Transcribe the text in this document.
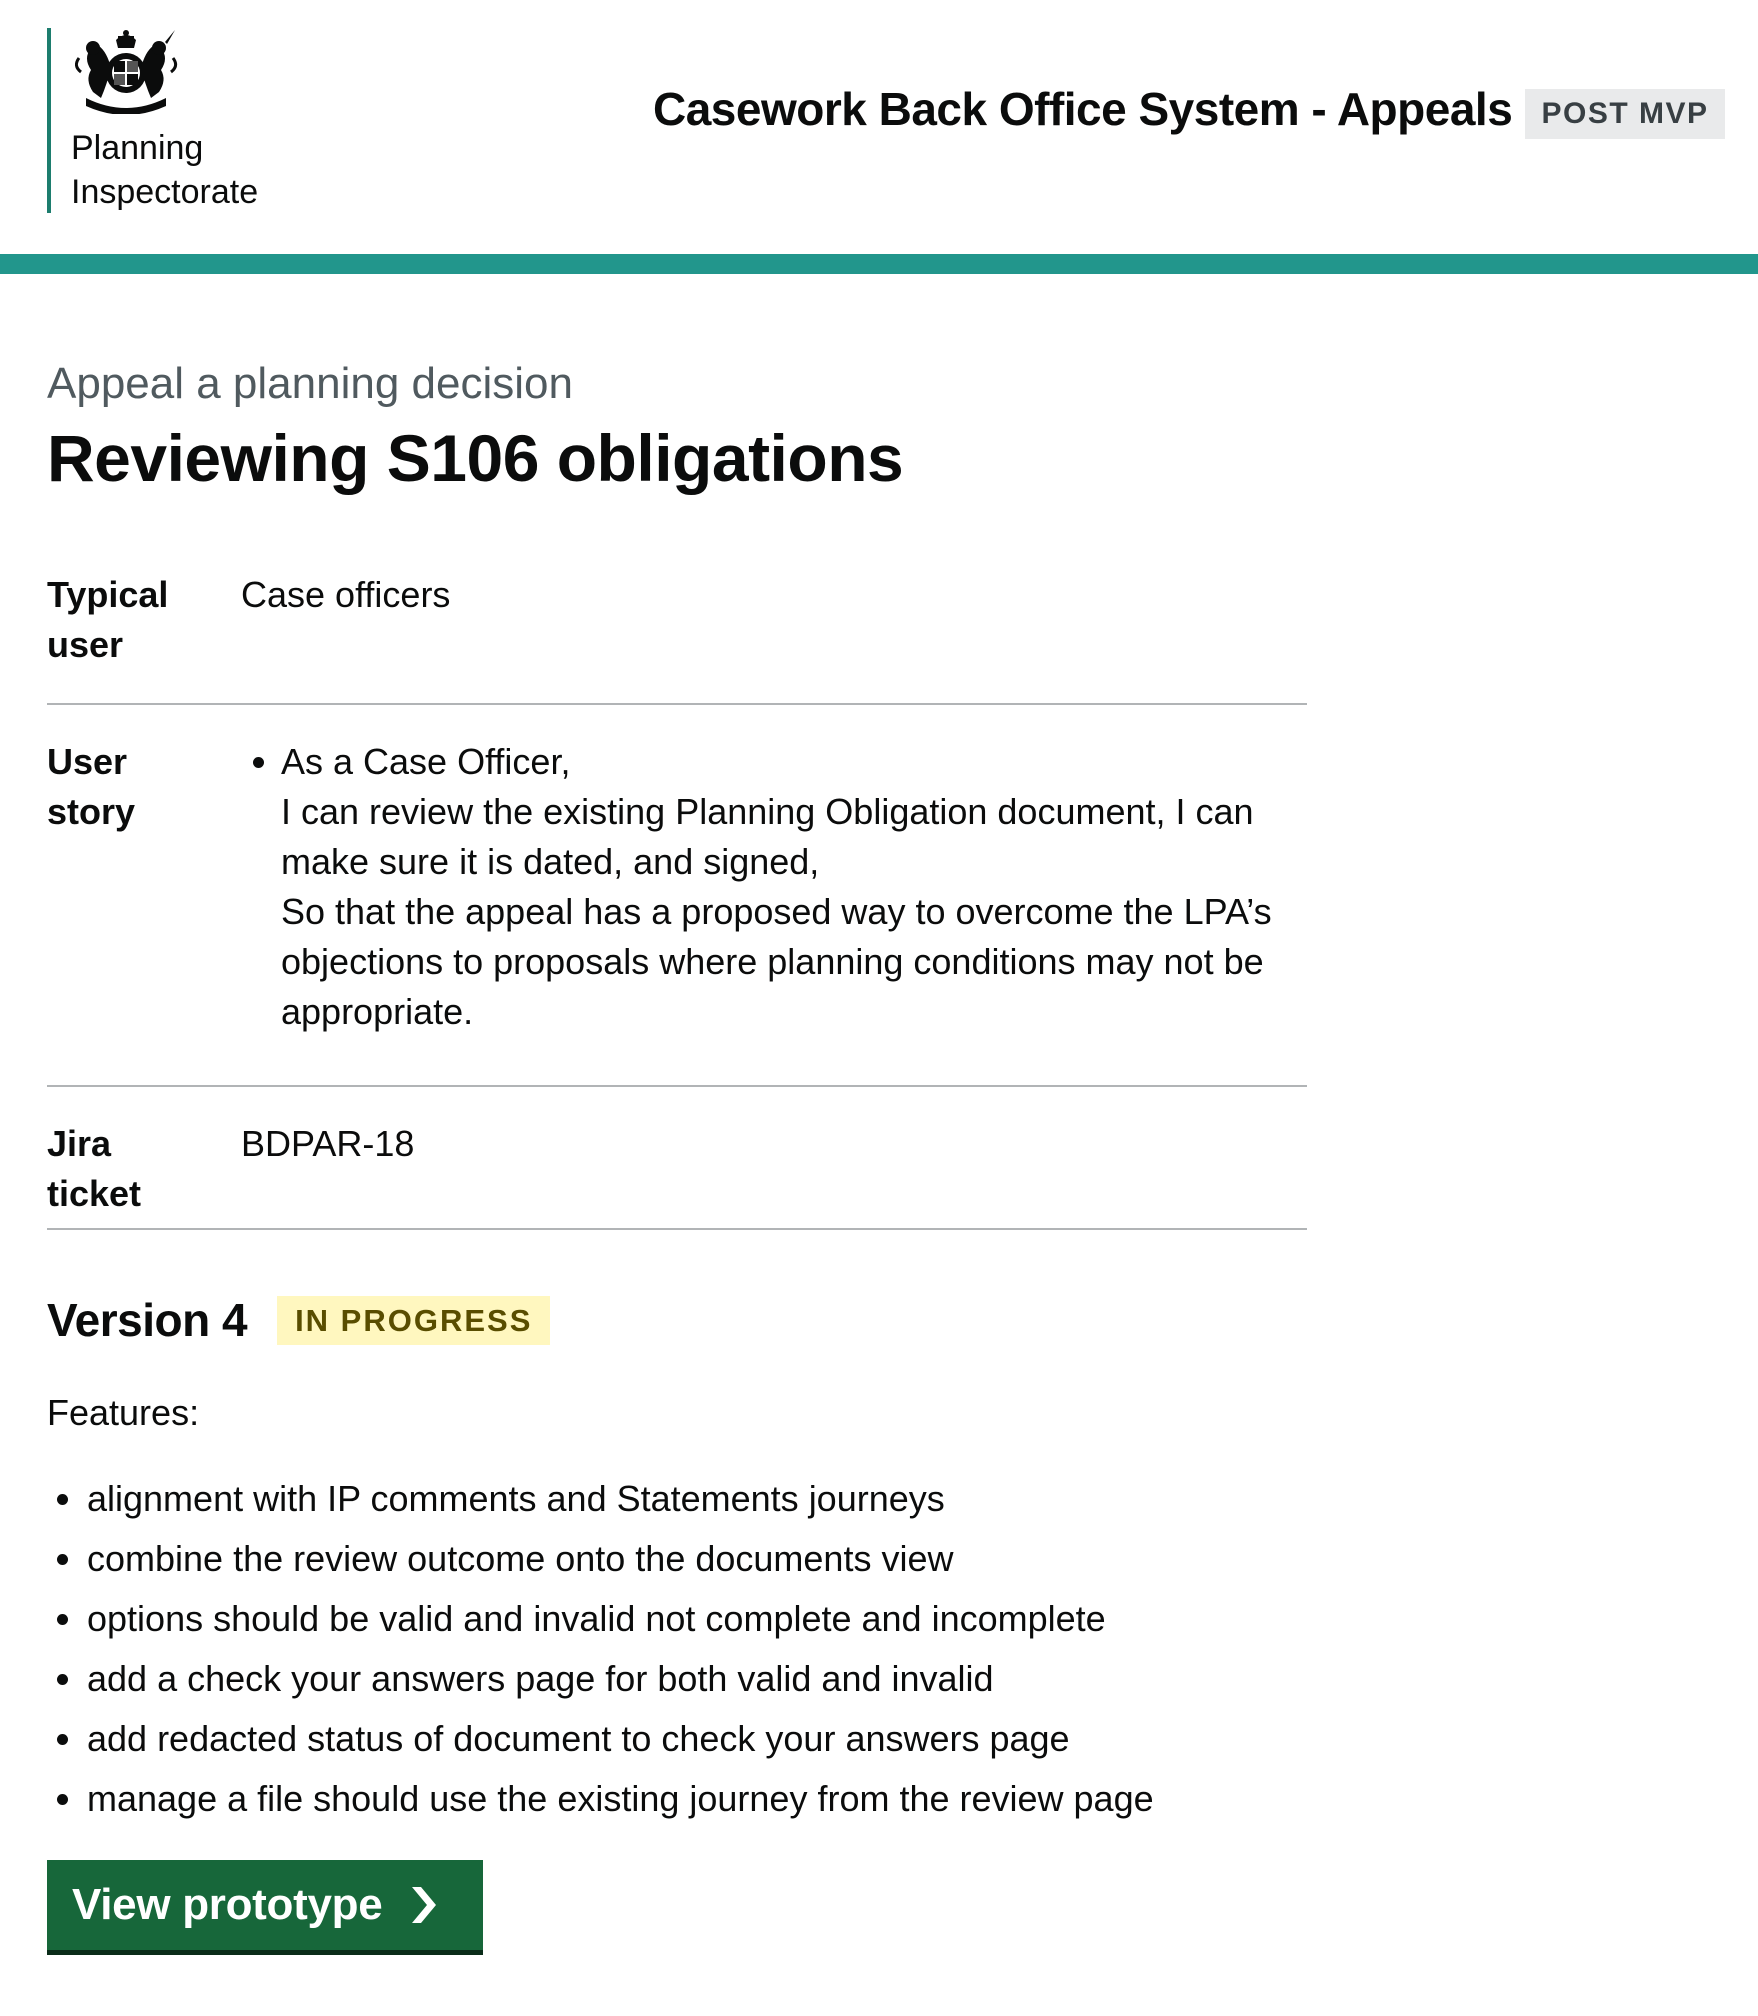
Planning
Inspectorate
Casework Back Office System - Appeals POST MVP
Appeal a planning decision
Reviewing S106 obligations
Typical
user
Case officers
User
story
As a Case Officer,
I can review the existing Planning Obligation document, I can make sure it is dated, and signed,
So that the appeal has a proposed way to overcome the LPA’s objections to proposals where planning conditions may not be appropriate.
Jira
ticket
BDPAR-18
Version 4	IN PROGRESS

Features:

alignment with IP comments and Statements journeys
combine the review outcome onto the documents view
options should be valid and invalid not complete and incomplete
add a check your answers page for both valid and invalid
add redacted status of document to check your answers page
manage a file should use the existing journey from the review page
View prototype
